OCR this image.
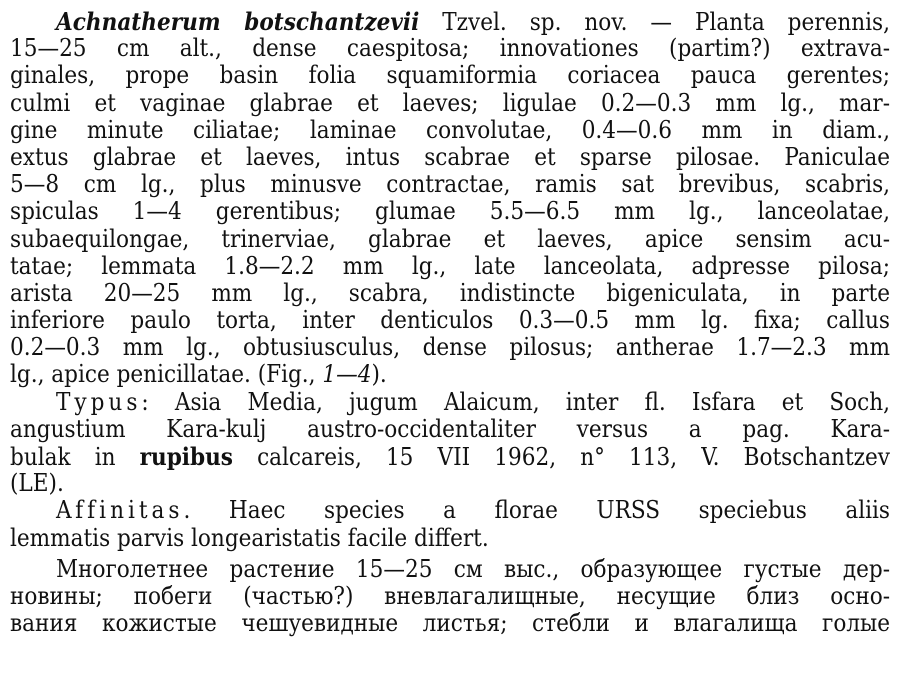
Achnatherum botschantzevii Tzvel. sp. nov. — Planta perennis,
15—25 cm alt., dense caespitosa; innovationes (partim?) extrava-
ginales, prope basin folia squamiformia coriacea pauca gerentes;
culmi et vaginae glabrae et laeves; ligulae 0.2—0.3 mm lg., mar-
gine minute ciliatae; laminae convolutae, 0.4—0.6 mm in diam.,
extus glabrae et laeves, intus scabrae et sparse pilosae. Paniculae
5—8 cm lg., plus minusve contractae, ramis sat brevibus, scabris,
spiculas 1—4 gerentibus; glumae 5.5—6.5 mm lg., lanceolatae,
subaequilongae, trinerviae, glabrae et laeves, apice sensim acu-
tatae; lemmata 1.8—2.2 mm lg., late lanceolata, adpresse pilosa;
arista 20—25 mm lg., scabra, indistincte bigeniculata, in parte
inferiore paulo torta, inter denticulos 0.3—0.5 mm lg. fixa; callus
0.2—0.3 mm lg., obtusiusculus, dense pilosus; antherae 1.7—2.3 mm
lg., apice penicillatae. (Fig., 1—4).
Typus: Asia Media, jugum Alaicum, inter fl. Isfara et Soch,
angustium Kara-kulj austro-occidentaliter versus a pag. Kara-
bulak in rupibus calcareis, 15 VII 1962, n° 113, V. Botschantzev
(LE).
Affinitas. Haec species a florae URSS speciebus aliis
lemmatis parvis longearistatis facile differt.
Многолетнее растение 15—25 см выс., образующее густые дер-
новины; побеги (частью?) вневлагалищные, несущие близ осно-
вания кожистые чешуевидные листья; стебли и влагалища голые
